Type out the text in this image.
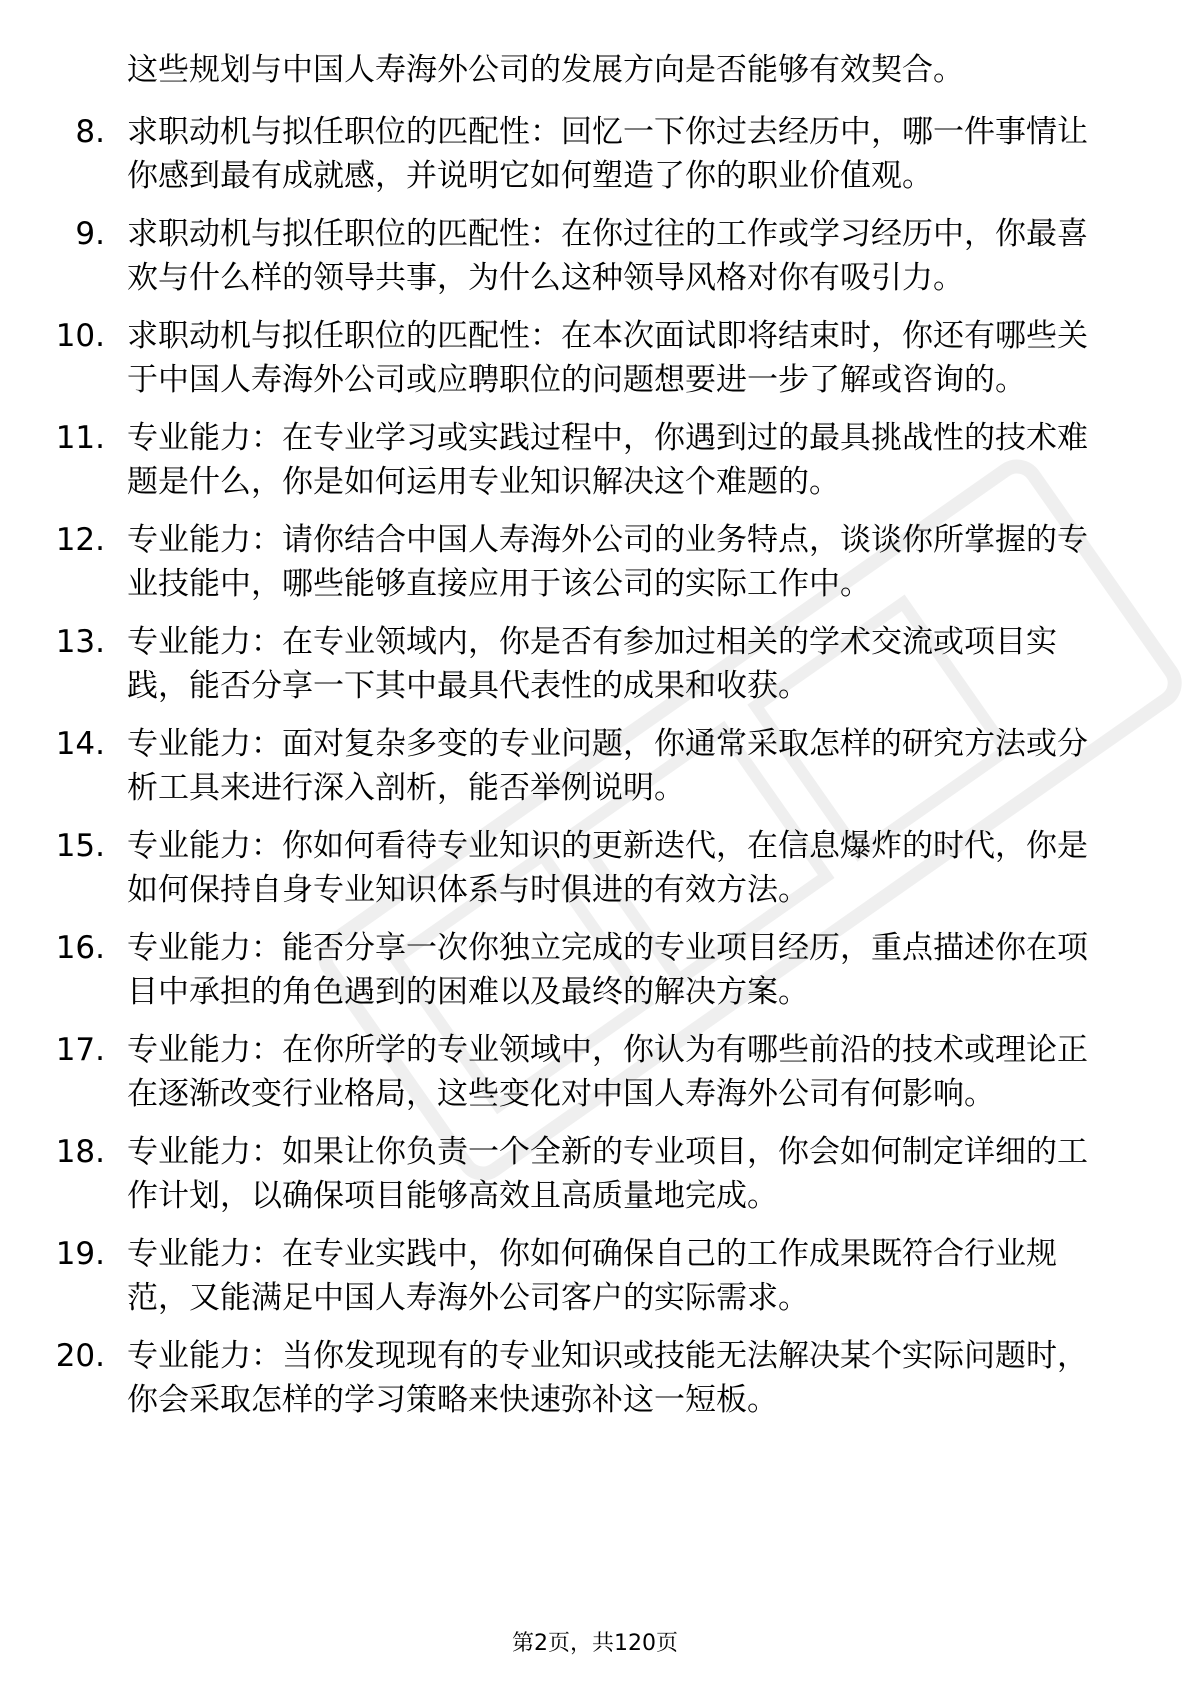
这些规划与中国人寿海外公司的发展方向是否能够有效契合。

8. 求职动机与拟任职位的匹配性：回忆一下你过去经历中，哪一件事情让你感到最有成就感，并说明它如何塑造了你的职业价值观。
9. 求职动机与拟任职位的匹配性：在你过往的工作或学习经历中，你最喜欢与什么样的领导共事，为什么这种领导风格对你有吸引力。
10. 求职动机与拟任职位的匹配性：在本次面试即将结束时，你还有哪些关于中国人寿海外公司或应聘职位的问题想要进一步了解或咨询的。
11. 专业能力：在专业学习或实践过程中，你遇到过的最具挑战性的技术难题是什么，你是如何运用专业知识解决这个难题的。
12. 专业能力：请你结合中国人寿海外公司的业务特点，谈谈你所掌握的专业技能中，哪些能够直接应用于该公司的实际工作中。
13. 专业能力：在专业领域内，你是否有参加过相关的学术交流或项目实践，能否分享一下其中最具代表性的成果和收获。
14. 专业能力：面对复杂多变的专业问题，你通常采取怎样的研究方法或分析工具来进行深入剖析，能否举例说明。
15. 专业能力：你如何看待专业知识的更新迭代，在信息爆炸的时代，你是如何保持自身专业知识体系与时俱进的有效方法。
16. 专业能力：能否分享一次你独立完成的专业项目经历，重点描述你在项目中承担的角色遇到的困难以及最终的解决方案。
17. 专业能力：在你所学的专业领域中，你认为有哪些前沿的技术或理论正在逐渐改变行业格局，这些变化对中国人寿海外公司有何影响。
18. 专业能力：如果让你负责一个全新的专业项目，你会如何制定详细的工作计划，以确保项目能够高效且高质量地完成。
19. 专业能力：在专业实践中，你如何确保自己的工作成果既符合行业规范，又能满足中国人寿海外公司客户的实际需求。
20. 专业能力：当你发现现有的专业知识或技能无法解决某个实际问题时，你会采取怎样的学习策略来快速弥补这一短板。
第2页，共120页
